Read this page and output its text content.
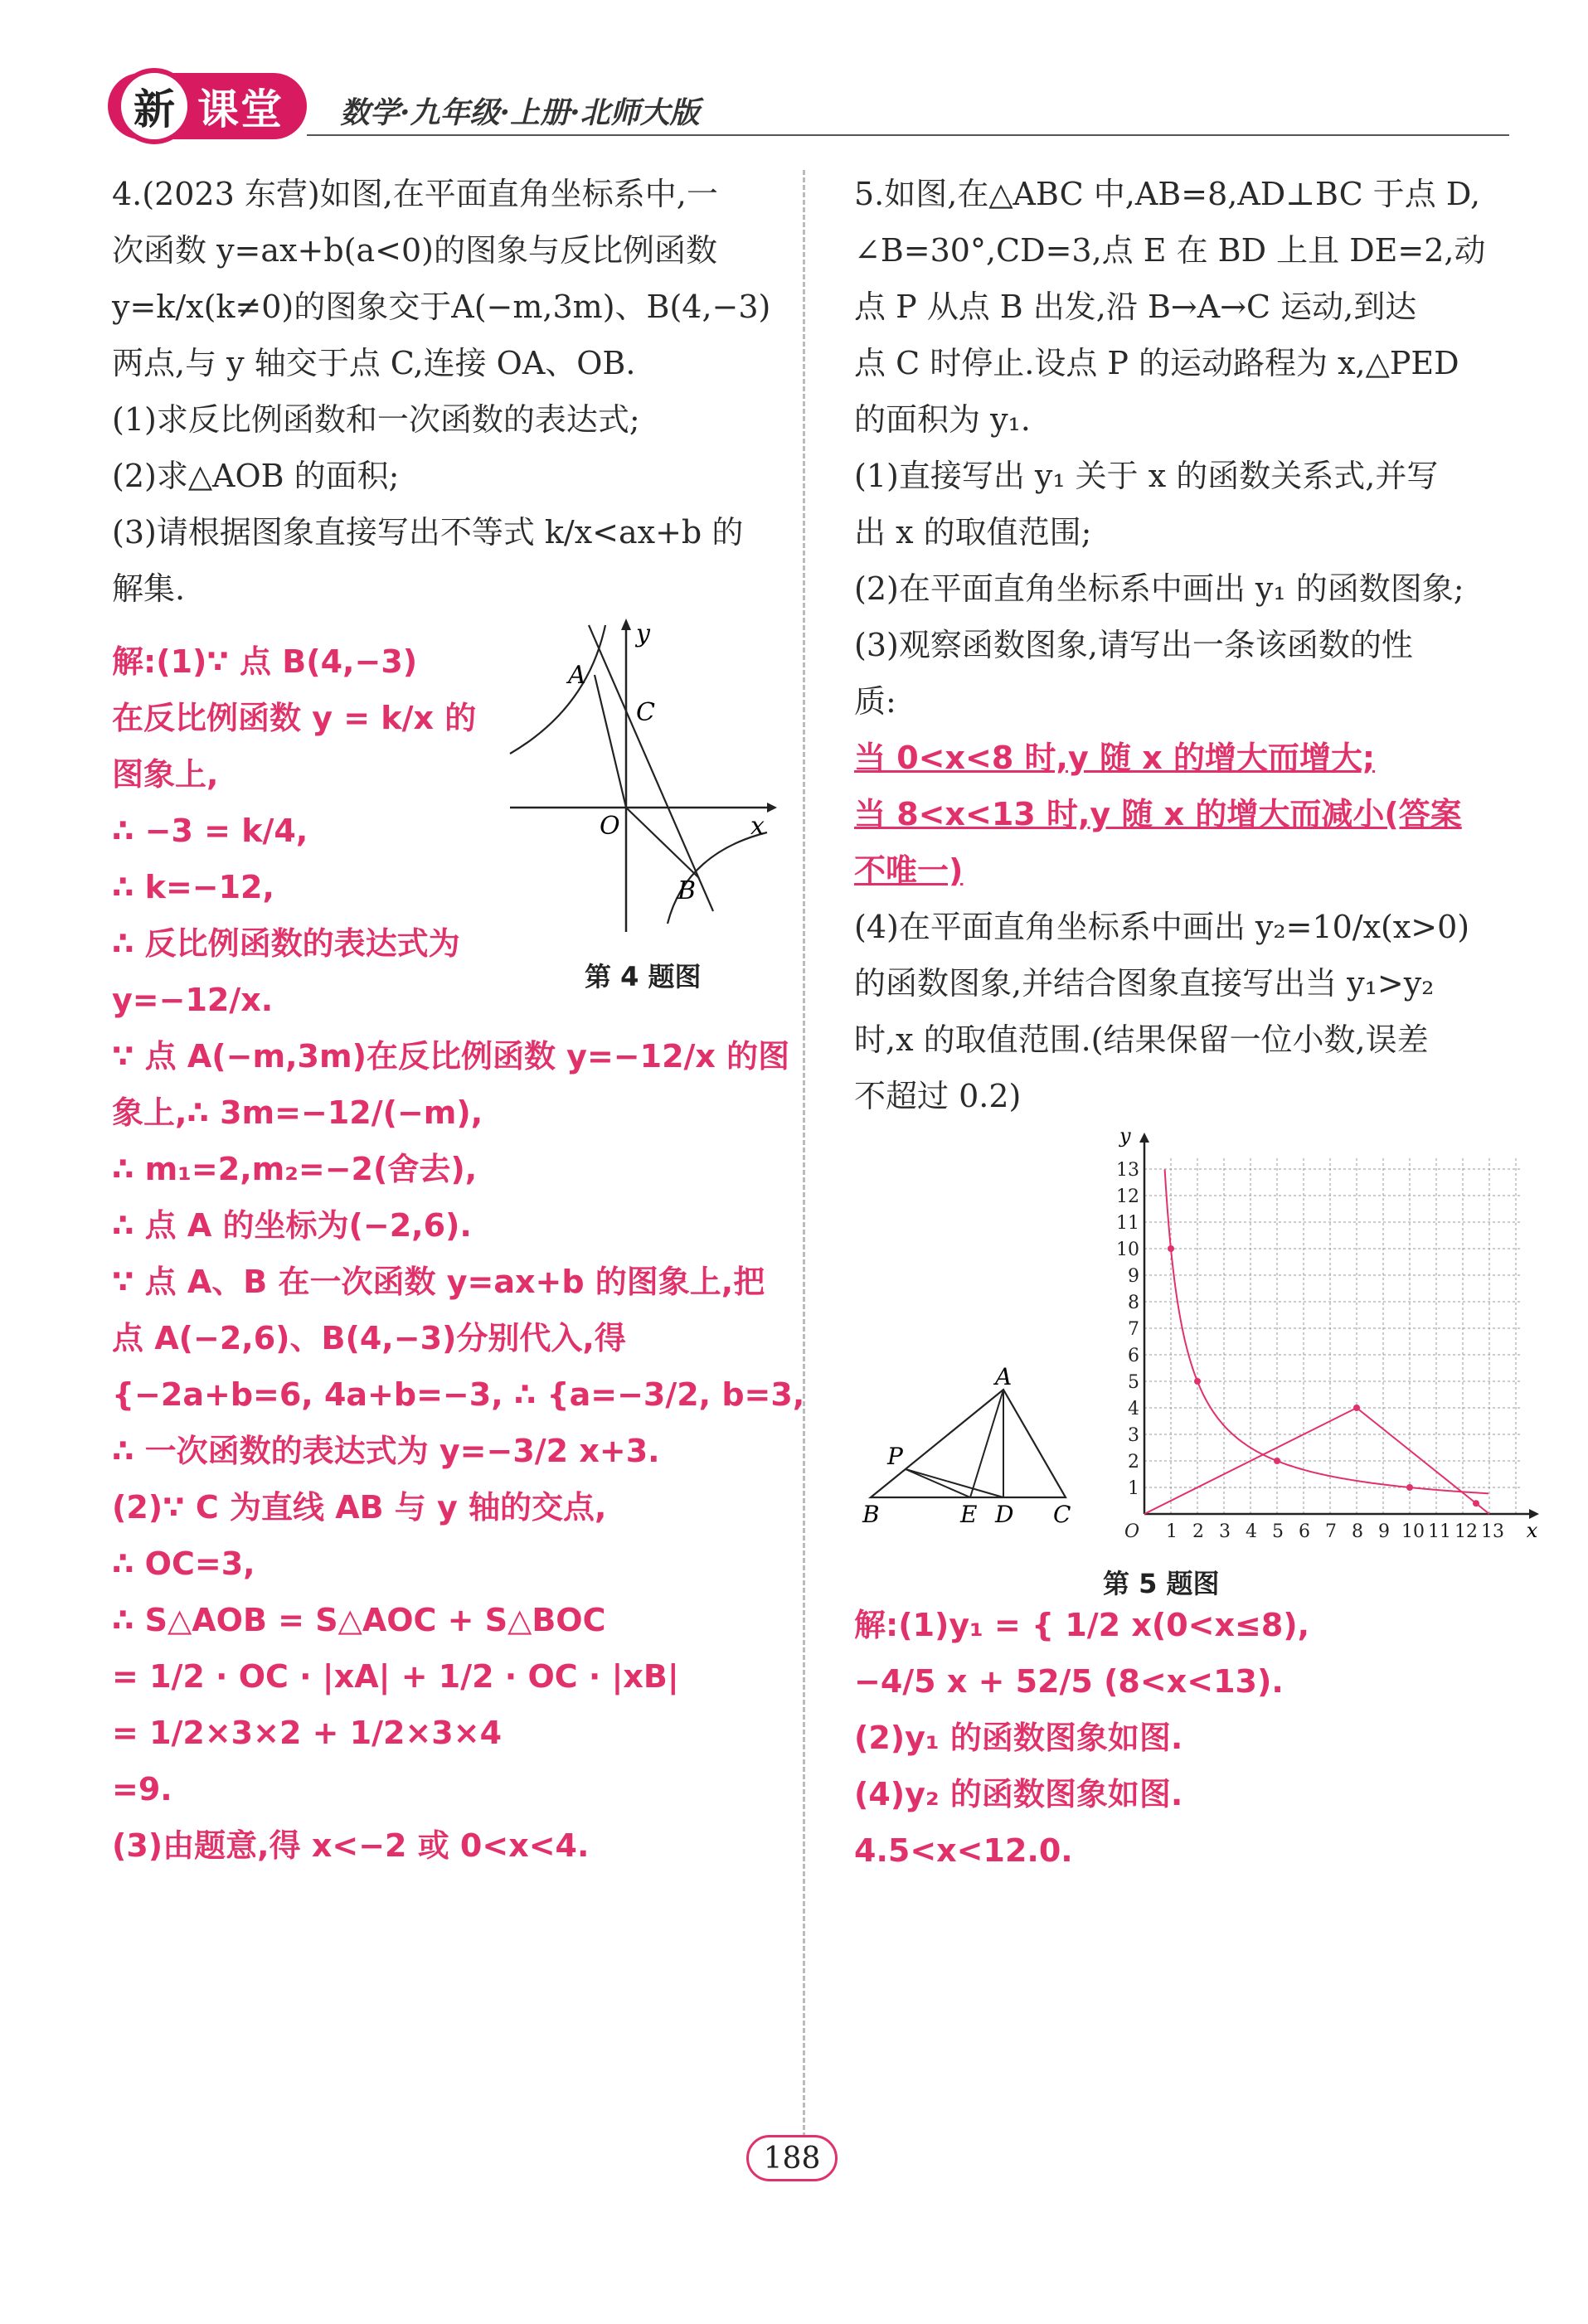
新 课堂 数学·九年级·上册·北师大版
4.(2023 东营)如图,在平面直角坐标系中,一
次函数 y=ax+b(a<0)的图象与反比例函数
y=k/x(k≠0)的图象交于A(−m,3m)、B(4,−3)
两点,与 y 轴交于点 C,连接 OA、OB.
(1)求反比例函数和一次函数的表达式;
(2)求△AOB 的面积;
(3)请根据图象直接写出不等式 k/x<ax+b 的
解集.
A
C
O
B
x
y
第 4 题图
解:(1)∵ 点 B(4,−3)
在反比例函数 y = k/x 的
图象上,
∴ −3 = k/4,
∴ k=−12,
∴ 反比例函数的表达式为 y=−12/x.
∵ 点 A(−m,3m)在反比例函数 y=−12/x 的图
象上,∴ 3m=−12/(−m),
∴ m₁=2,m₂=−2(舍去),
∴ 点 A 的坐标为(−2,6).
∵ 点 A、B 在一次函数 y=ax+b 的图象上,把
点 A(−2,6)、B(4,−3)分别代入,得
{−2a+b=6, 4a+b=−3, ∴ {a=−3/2, b=3,
∴ 一次函数的表达式为 y=−3/2 x+3.
(2)∵ C 为直线 AB 与 y 轴的交点,
∴ OC=3,
∴ S△AOB = S△AOC + S△BOC
= 1/2 · OC · |xA| + 1/2 · OC · |xB|
= 1/2×3×2 + 1/2×3×4
=9.
(3)由题意,得 x<−2 或 0<x<4.
5.如图,在△ABC 中,AB=8,AD⊥BC 于点 D,
∠B=30°,CD=3,点 E 在 BD 上且 DE=2,动
点 P 从点 B 出发,沿 B→A→C 运动,到达
点 C 时停止.设点 P 的运动路程为 x,△PED
的面积为 y₁.
(1)直接写出 y₁ 关于 x 的函数关系式,并写
出 x 的取值范围;
(2)在平面直角坐标系中画出 y₁ 的函数图象;
(3)观察函数图象,请写出一条该函数的性
质:
当 0<x<8 时,y 随 x 的增大而增大;
当 8<x<13 时,y 随 x 的增大而减小(答案
不唯一)
(4)在平面直角坐标系中画出 y₂=10/x(x>0)
的函数图象,并结合图象直接写出当 y₁>y₂
时,x 的取值范围.(结果保留一位小数,误差
不超过 0.2)
A
P
B	E D C
O 1 2 3 4 5 6 7 8 9 10 11 12 13
1
2
3
4
5
6
7
8
9
10
11
12
13
x
y
第 5 题图
解:(1)y₁ = { 1/2 x(0<x≤8),
−4/5 x + 52/5 (8<x<13).
(2)y₁ 的函数图象如图.
(4)y₂ 的函数图象如图.
4.5<x<12.0.
188
